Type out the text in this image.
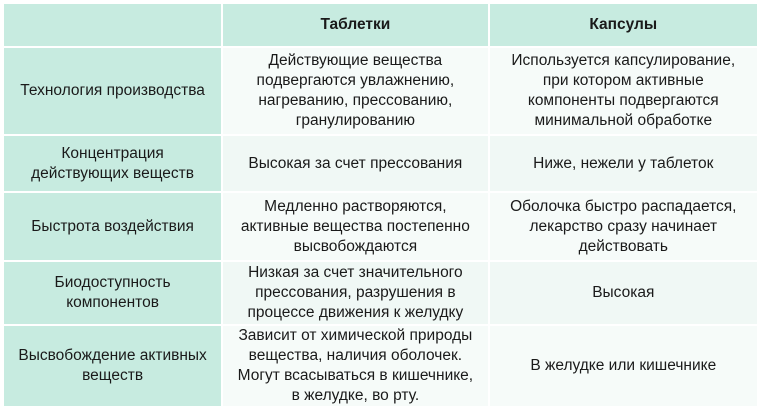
	Таблетки	Капсулы

Технология производства	Действующие вещества
подвергаются увлажнению,
нагреванию, прессованию,
гранулированию	Используется капсулирование,
при котором активные
компоненты подвергаются
минимальной обработке

Концентрация
действующих веществ	Высокая за счет прессования	Ниже, нежели у таблеток

Быстрота воздействия	Медленно растворяются,
активные вещества постепенно
высвобождаются	Оболочка быстро распадается,
лекарство сразу начинает
действовать

Биодоступность
компонентов	Низкая за счет значительного
прессования, разрушения в
процессе движения к желудку	Высокая

Высвобождение активных
веществ	Зависит от химической природы
вещества, наличия оболочек.
Могут всасываться в кишечнике,
в желудке, во рту.	В желудке или кишечнике
